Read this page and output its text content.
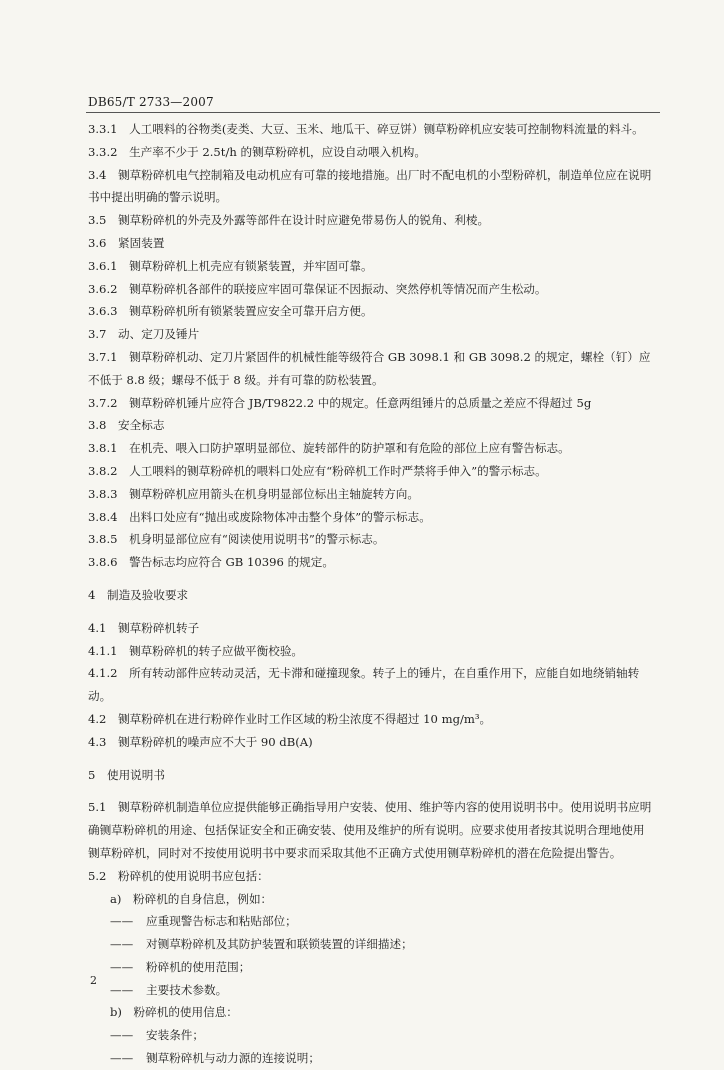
DB65/T 2733—2007

3.3.1　人工喂料的谷物类(麦类、大豆、玉米、地瓜干、碎豆饼）铡草粉碎机应安装可控制物料流量的料斗。

3.3.2　生产率不少于 2.5t/h 的铡草粉碎机，应设自动喂入机构。

3.4　铡草粉碎机电气控制箱及电动机应有可靠的接地措施。出厂时不配电机的小型粉碎机，制造单位应在说明书中提出明确的警示说明。

3.5　铡草粉碎机的外壳及外露等部件在设计时应避免带易伤人的锐角、利棱。

3.6　紧固装置

3.6.1　铡草粉碎机上机壳应有锁紧装置，并牢固可靠。

3.6.2　铡草粉碎机各部件的联接应牢固可靠保证不因振动、突然停机等情况而产生松动。

3.6.3　铡草粉碎机所有锁紧装置应安全可靠开启方便。

3.7　动、定刀及锤片

3.7.1　铡草粉碎机动、定刀片紧固件的机械性能等级符合 GB 3098.1 和 GB 3098.2 的规定，螺栓（钉）应不低于 8.8 级；螺母不低于 8 级。并有可靠的防松装置。

3.7.2　铡草粉碎机锤片应符合 JB/T9822.2 中的规定。任意两组锤片的总质量之差应不得超过 5g

3.8　安全标志

3.8.1　在机壳、喂入口防护罩明显部位、旋转部件的防护罩和有危险的部位上应有警告标志。

3.8.2　人工喂料的铡草粉碎机的喂料口处应有“粉碎机工作时严禁将手伸入”的警示标志。

3.8.3　铡草粉碎机应用箭头在机身明显部位标出主轴旋转方向。

3.8.4　出料口处应有“抛出或废除物体冲击整个身体”的警示标志。

3.8.5　机身明显部位应有“阅读使用说明书”的警示标志。

3.8.6　警告标志均应符合 GB 10396 的规定。

4　制造及验收要求

4.1　铡草粉碎机转子

4.1.1　铡草粉碎机的转子应做平衡校验。

4.1.2　所有转动部件应转动灵活，无卡滞和碰撞现象。转子上的锤片，在自重作用下，应能自如地绕销轴转动。

4.2　铡草粉碎机在进行粉碎作业时工作区域的粉尘浓度不得超过 10 mg/m³。

4.3　铡草粉碎机的噪声应不大于 90 dB(A)

5　使用说明书

5.1　铡草粉碎机制造单位应提供能够正确指导用户安装、使用、维护等内容的使用说明书中。使用说明书应明确铡草粉碎机的用途、包括保证安全和正确安装、使用及维护的所有说明。应要求使用者按其说明合理地使用铡草粉碎机，同时对不按使用说明书中要求而采取其他不正确方式使用铡草粉碎机的潜在危险提出警告。

5.2　粉碎机的使用说明书应包括：

a)　粉碎机的自身信息，例如：

—— 应重现警告标志和粘贴部位；

—— 对铡草粉碎机及其防护装置和联锁装置的详细描述；

—— 粉碎机的使用范围；

—— 主要技术参数。

b)　粉碎机的使用信息：

—— 安装条件；

—— 铡草粉碎机与动力源的连接说明；

2
